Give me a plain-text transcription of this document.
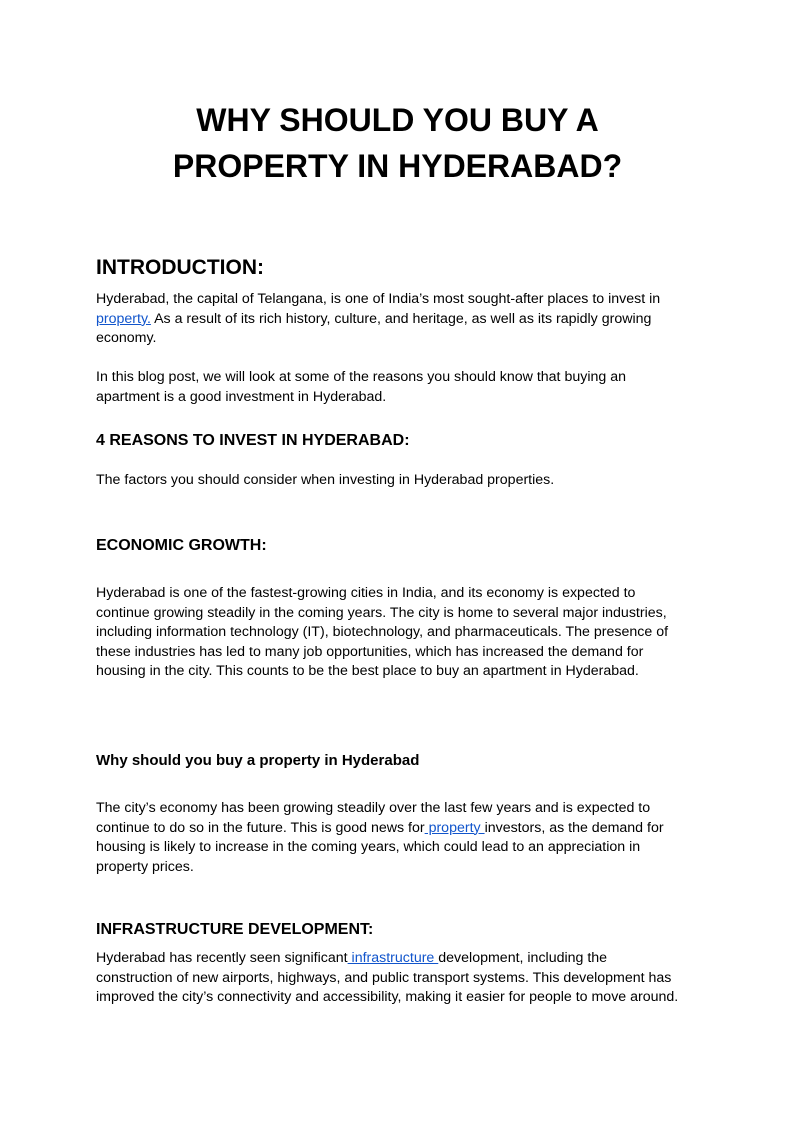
WHY SHOULD YOU BUY A
PROPERTY IN HYDERABAD?
INTRODUCTION:

Hyderabad, the capital of Telangana, is one of India’s most sought-after places to invest in
property. As a result of its rich history, culture, and heritage, as well as its rapidly growing
economy.

In this blog post, we will look at some of the reasons you should know that buying an
apartment is a good investment in Hyderabad.

4 REASONS TO INVEST IN HYDERABAD:

The factors you should consider when investing in Hyderabad properties.

ECONOMIC GROWTH:

Hyderabad is one of the fastest-growing cities in India, and its economy is expected to
continue growing steadily in the coming years. The city is home to several major industries,
including information technology (IT), biotechnology, and pharmaceuticals. The presence of
these industries has led to many job opportunities, which has increased the demand for
housing in the city. This counts to be the best place to buy an apartment in Hyderabad.

Why should you buy a property in Hyderabad

The city’s economy has been growing steadily over the last few years and is expected to
continue to do so in the future. This is good news for property investors, as the demand for
housing is likely to increase in the coming years, which could lead to an appreciation in
property prices.

INFRASTRUCTURE DEVELOPMENT:

Hyderabad has recently seen significant infrastructure development, including the
construction of new airports, highways, and public transport systems. This development has
improved the city’s connectivity and accessibility, making it easier for people to move around.
